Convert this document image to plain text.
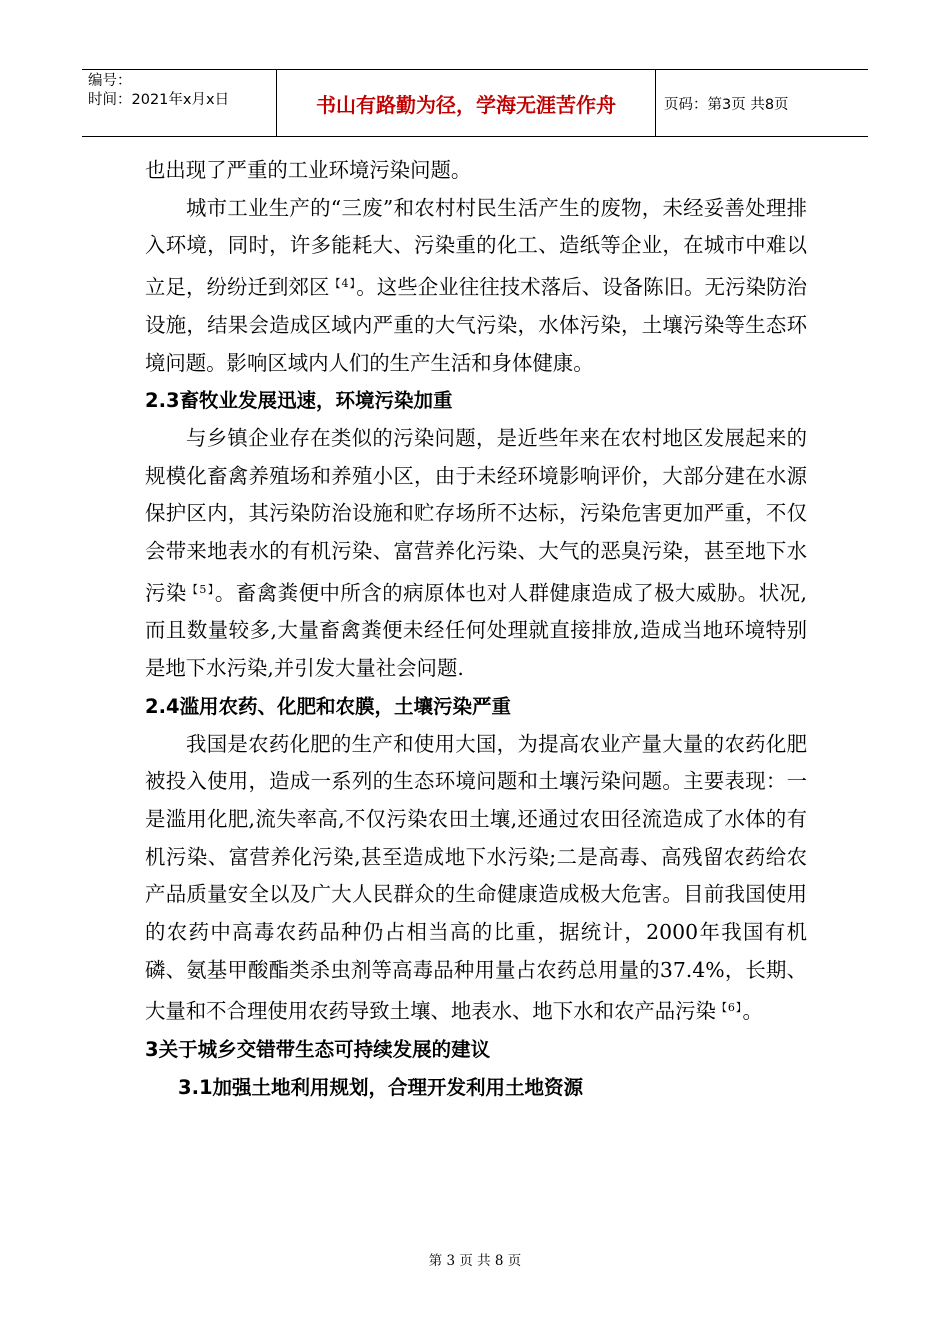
编号：
时间：2021年x月x日	书山有路勤为径，学海无涯苦作舟	页码：第3页 共8页

也出现了严重的工业环境污染问题。

城市工业生产的“三废”和农村村民生活产生的废物，未经妥善处理排入环境，同时，许多能耗大、污染重的化工、造纸等企业，在城市中难以立足，纷纷迁到郊区$^{【4】}$。这些企业往往技术落后、设备陈旧。无污染防治设施，结果会造成区域内严重的大气污染，水体污染，土壤污染等生态环境问题。影响区域内人们的生产生活和身体健康。

2.3畜牧业发展迅速，环境污染加重

与乡镇企业存在类似的污染问题，是近些年来在农村地区发展起来的规模化畜禽养殖场和养殖小区，由于未经环境影响评价，大部分建在水源保护区内，其污染防治设施和贮存场所不达标，污染危害更加严重，不仅会带来地表水的有机污染、富营养化污染、大气的恶臭污染，甚至地下水污染$^{【5】}$。畜禽粪便中所含的病原体也对人群健康造成了极大威胁。状况,而且数量较多,大量畜禽粪便未经任何处理就直接排放,造成当地环境特别是地下水污染,并引发大量社会问题.

2.4滥用农药、化肥和农膜，土壤污染严重

我国是农药化肥的生产和使用大国，为提高农业产量大量的农药化肥被投入使用，造成一系列的生态环境问题和土壤污染问题。主要表现：一是滥用化肥,流失率高,不仅污染农田土壤,还通过农田径流造成了水体的有机污染、富营养化污染,甚至造成地下水污染;二是高毒、高残留农药给农产品质量安全以及广大人民群众的生命健康造成极大危害。目前我国使用的农药中高毒农药品种仍占相当高的比重，据统计，2000年我国有机磷、氨基甲酸酯类杀虫剂等高毒品种用量占农药总用量的37.4%，长期、大量和不合理使用农药导致土壤、地表水、地下水和农产品污染$^{【6】}$。

3关于城乡交错带生态可持续发展的建议

3.1加强土地利用规划，合理开发利用土地资源

第 3 页 共 8 页
